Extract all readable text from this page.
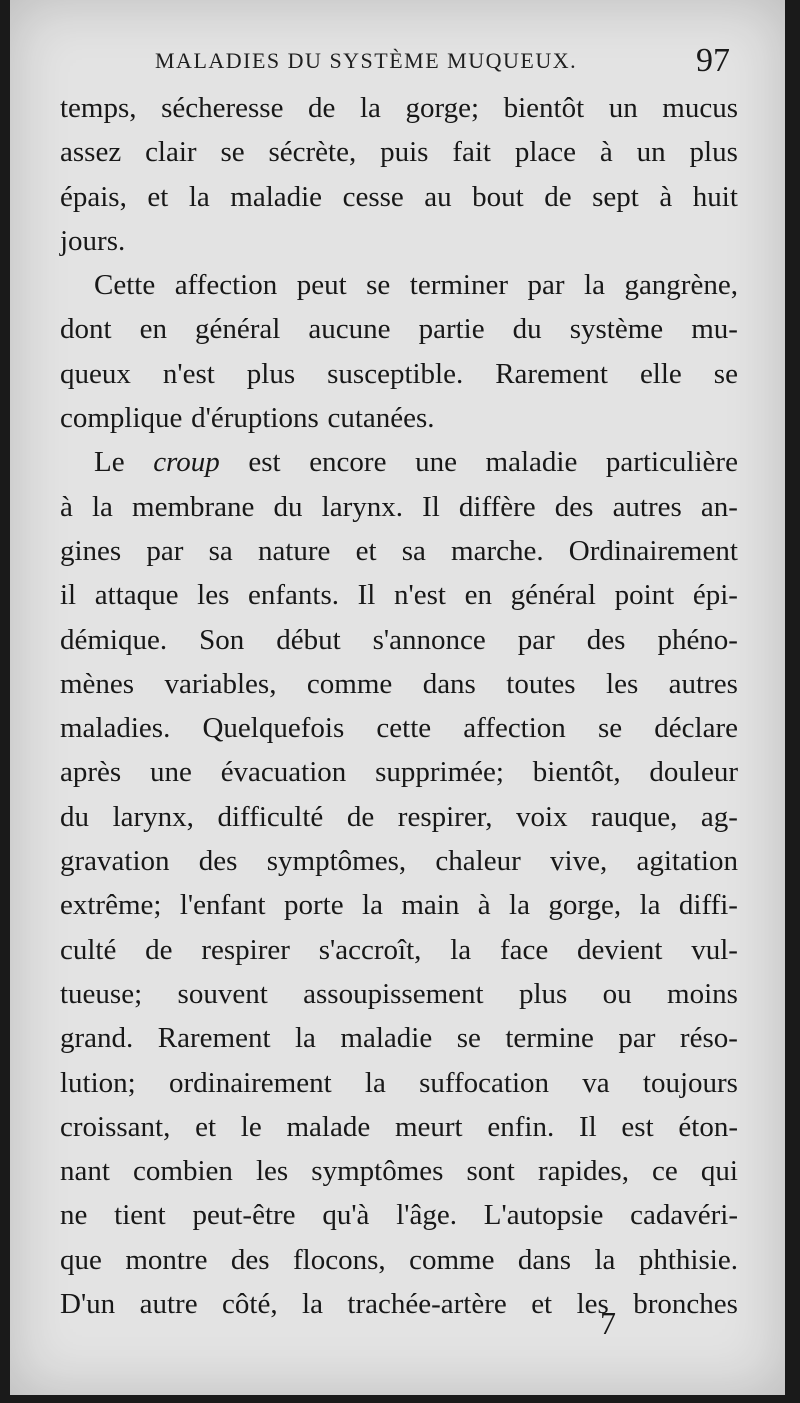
MALADIES DU SYSTÈME MUQUEUX.	97
temps, sécheresse de la gorge; bientôt un mucus
assez clair se sécrète, puis fait place à un plus
épais, et la maladie cesse au bout de sept à huit
jours.
Cette affection peut se terminer par la gangrène,
dont en général aucune partie du système mu-
queux n'est plus susceptible. Rarement elle se
complique d'éruptions cutanées.
Le croup est encore une maladie particulière
à la membrane du larynx. Il diffère des autres an-
gines par sa nature et sa marche. Ordinairement
il attaque les enfants. Il n'est en général point épi-
démique. Son début s'annonce par des phéno-
mènes variables, comme dans toutes les autres
maladies. Quelquefois cette affection se déclare
après une évacuation supprimée; bientôt, douleur
du larynx, difficulté de respirer, voix rauque, ag-
gravation des symptômes, chaleur vive, agitation
extrême; l'enfant porte la main à la gorge, la diffi-
culté de respirer s'accroît, la face devient vul-
tueuse; souvent assoupissement plus ou moins
grand. Rarement la maladie se termine par réso-
lution; ordinairement la suffocation va toujours
croissant, et le malade meurt enfin. Il est éton-
nant combien les symptômes sont rapides, ce qui
ne tient peut-être qu'à l'âge. L'autopsie cadavéri-
que montre des flocons, comme dans la phthisie.
D'un autre côté, la trachée-artère et les bronches
7
